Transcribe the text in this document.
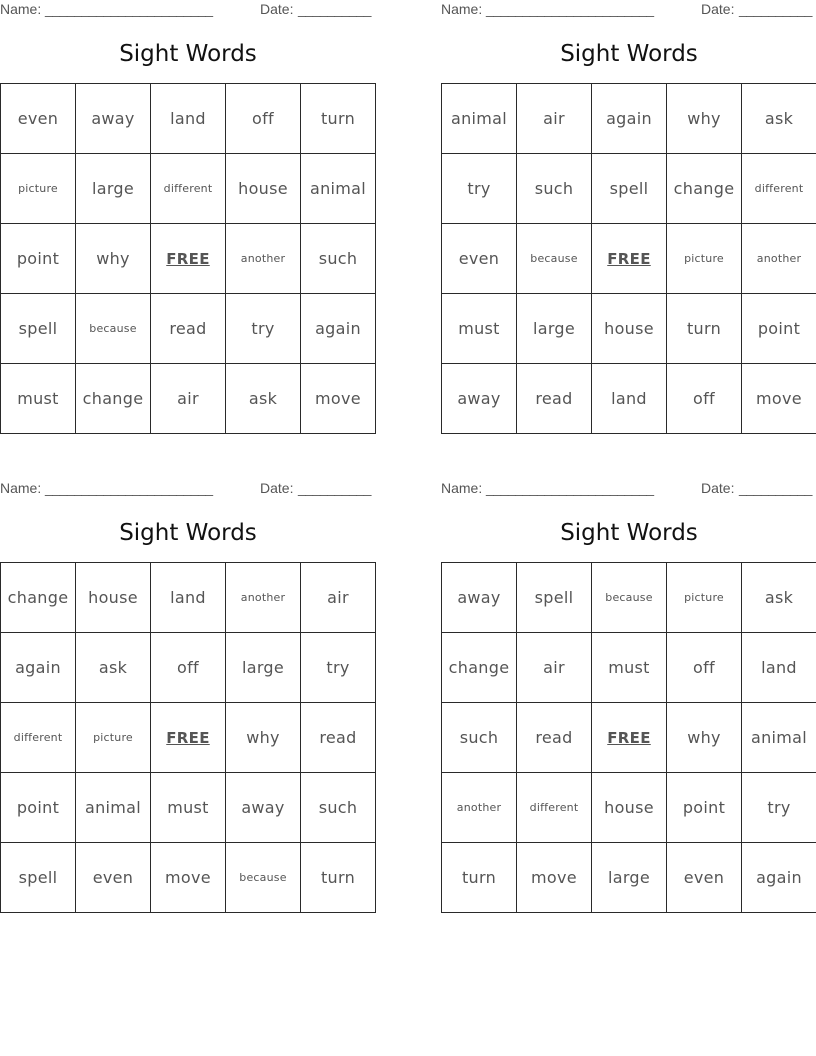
Name: _______________________	Date: __________
Sight Words
even	away	land	off	turn
picture	large	different	house	animal
point	why	FREE	another	such
spell	because	read	try	again
must	change	air	ask	move
Name: _______________________	Date: __________
Sight Words
animal	air	again	why	ask
try	such	spell	change	different
even	because	FREE	picture	another
must	large	house	turn	point
away	read	land	off	move
Name: _______________________	Date: __________
Sight Words
change	house	land	another	air
again	ask	off	large	try
different	picture	FREE	why	read
point	animal	must	away	such
spell	even	move	because	turn
Name: _______________________	Date: __________
Sight Words
away	spell	because	picture	ask
change	air	must	off	land
such	read	FREE	why	animal
another	different	house	point	try
turn	move	large	even	again
